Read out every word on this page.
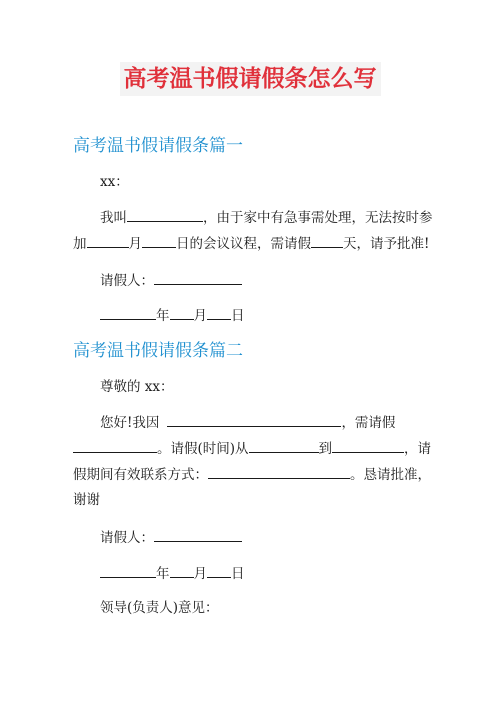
高考温书假请假条怎么写
高考温书假请假条篇一
xx：
我叫	，由于家中有急事需处理，无法按时参
加	月	日的会议议程，需请假 天，请予批准!
请假人：
年 月 日
高考温书假请假条篇二
尊敬的 xx：
您好!我因	，需请假
。请假(时间)从	到	，请
假期间有效联系方式：	。恳请批准，
谢谢
请假人：
年 月 日
领导(负责人)意见：
